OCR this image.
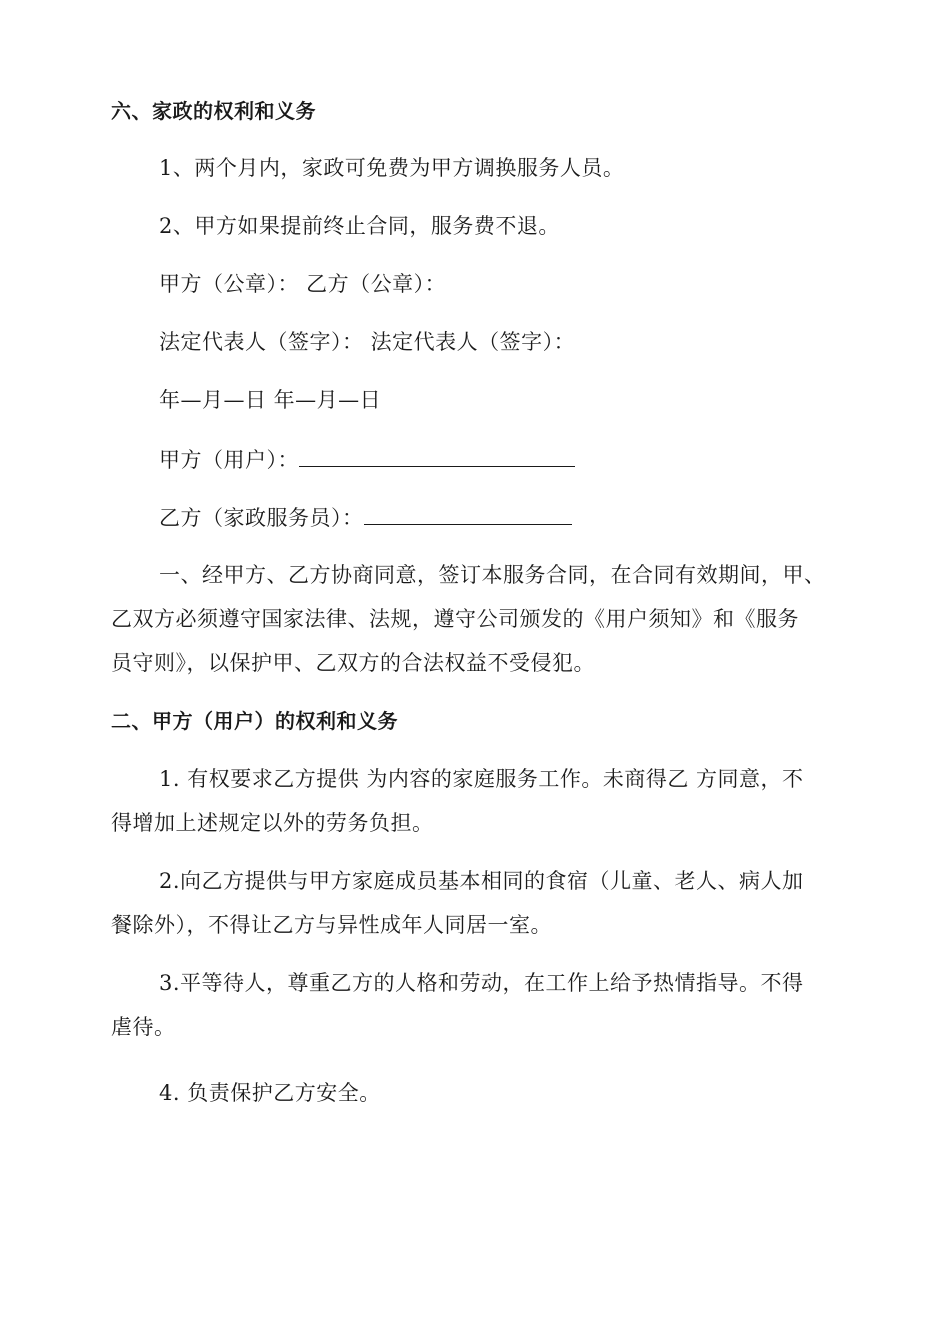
六、家政的权利和义务
1、两个月内，家政可免费为甲方调换服务人员。
2、甲方如果提前终止合同，服务费不退。
甲方（公章）： 乙方（公章）：
法定代表人（签字）： 法定代表人（签字）：
年—月—日 年—月—日
甲方（用户）：
乙方（家政服务员）：
一、经甲方、乙方协商同意，签订本服务合同，在合同有效期间，甲、
乙双方必须遵守国家法律、法规，遵守公司颁发的《用户须知》和《服务
员守则》，以保护甲、乙双方的合法权益不受侵犯。
二、甲方（用户）的权利和义务
1. 有权要求乙方提供 为内容的家庭服务工作。未商得乙 方同意，不
得增加上述规定以外的劳务负担。
2.向乙方提供与甲方家庭成员基本相同的食宿（儿童、老人、病人加
餐除外），不得让乙方与异性成年人同居一室。
3.平等待人，尊重乙方的人格和劳动，在工作上给予热情指导。不得
虐待。
4. 负责保护乙方安全。
